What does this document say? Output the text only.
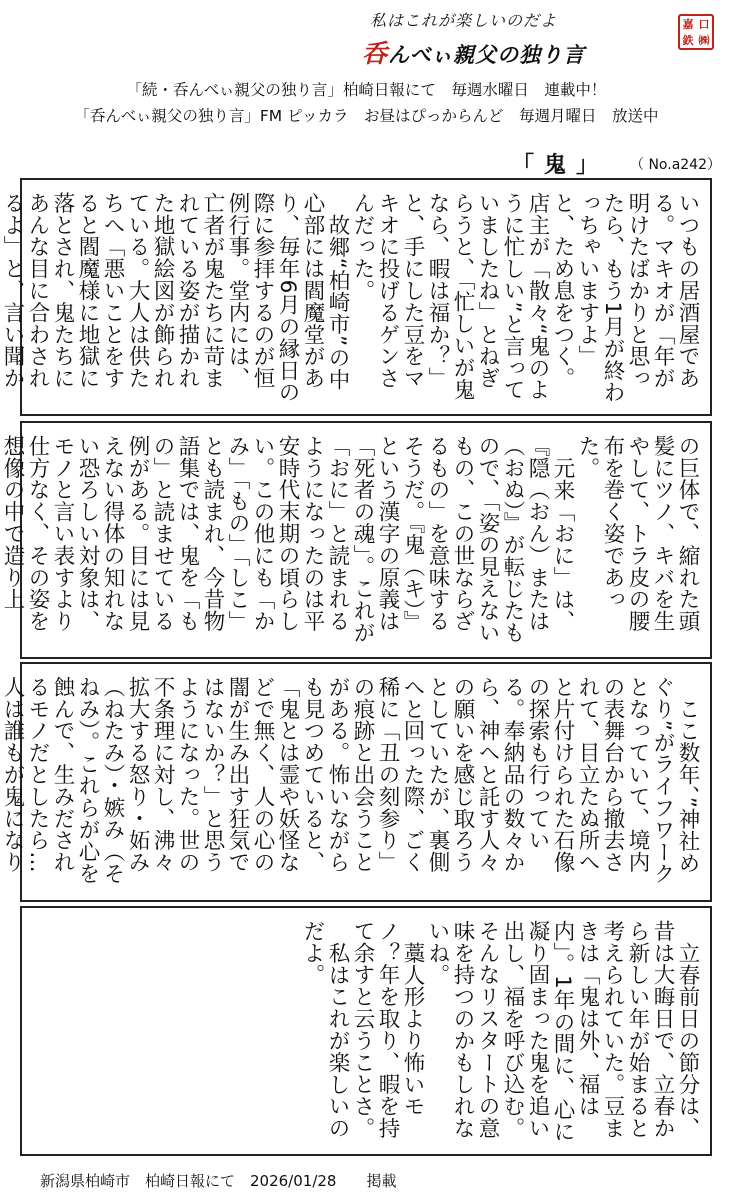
私はこれが楽しいのだよ
呑んべぃ親父の独り言
嘉 口
鉄 ㈱
「続・呑んべぃ親父の独り言」柏崎日報にて　毎週水曜日　連載中！
「呑んべぃ親父の独り言」FM ピッカラ　お昼はぴっからんど　毎週月曜日　放送中
「鬼」 （ No.a242）

いつもの居酒屋であ る。マキオが「年が明けたばかりと思ったら、もう1月が終わっちゃいますよ」と、ため息をつく。店主が「散々“鬼のように忙しい”と言っていましたね」とねぎらうと、「忙しいが鬼なら、暇は福か？」と、手にした豆をマキオに投げるゲンさんだった。

故郷“柏崎市”の中心部には閻魔堂があり、毎年6月の縁日の際に参拝するのが恒例行事。堂内には、亡者が鬼たちに苛まれている姿が描かれた地獄絵図が飾られている。大人は供たちへ「悪いことをすると閻魔様に地獄に落とされ、鬼たちにあんな目に合わされるよ」と、言い聞か

の巨体で、縮れた頭髪にツノ、キバを生やして、トラ皮の腰布を巻く姿であった。

元来「おに」は、『隠（おん）または（おぬ）』が転じたもので、「姿の見えないもの、この世ならざるもの」を意味するそうだ。『鬼（キ）』という漢字の原義は「死者の魂」。これが「おに」と読まれるようになったのは平安時代末期の頃らしい。この他にも「かみ」「もの」「しこ」とも読まれ、今昔物語集では、鬼を「もの」と読ませている例がある。目には見えない得体の知れない恐ろしい対象は、モノと言い表すより仕方なく、その姿を想像の中で造り上

ここ数年、”神社めぐり”がライフワークとなっていて、境内の表舞台から撤去されて、目立たぬ所へと片付けられた石像の探索も行っている。奉納品の数々から、神へと託す人々の願いを感じ取ろうとしていたが、裏側へと回った際、ごく稀に「丑の刻参り」の痕跡と出会うことがある。怖いながらも見つめていると、「鬼とは霊や妖怪などで無く、人の心の闇が生み出す狂気ではないか？」と思うようになった。世の不条理に対し、沸々拡大する怒り・妬み（ねたみ）・嫉み（そねみ）。これらが心を蝕んで、生みだされるモノだとしたら…人は誰もが鬼になり

立春前日の節分は、昔は大晦日で、立春から新しい年が始まると考えられていた。豆まきは「鬼は外、福は内」。1年の間に、心に凝り固まった鬼を追い出し、福を呼び込む。そんなリスタートの意味を持つのかもしれないね。

藁人形より怖いモノ？年を取り、暇を持て余すと云うことさ。

私はこれが楽しいのだよ。

新潟県柏崎市　柏崎日報にて　2026/01/28　　掲載
